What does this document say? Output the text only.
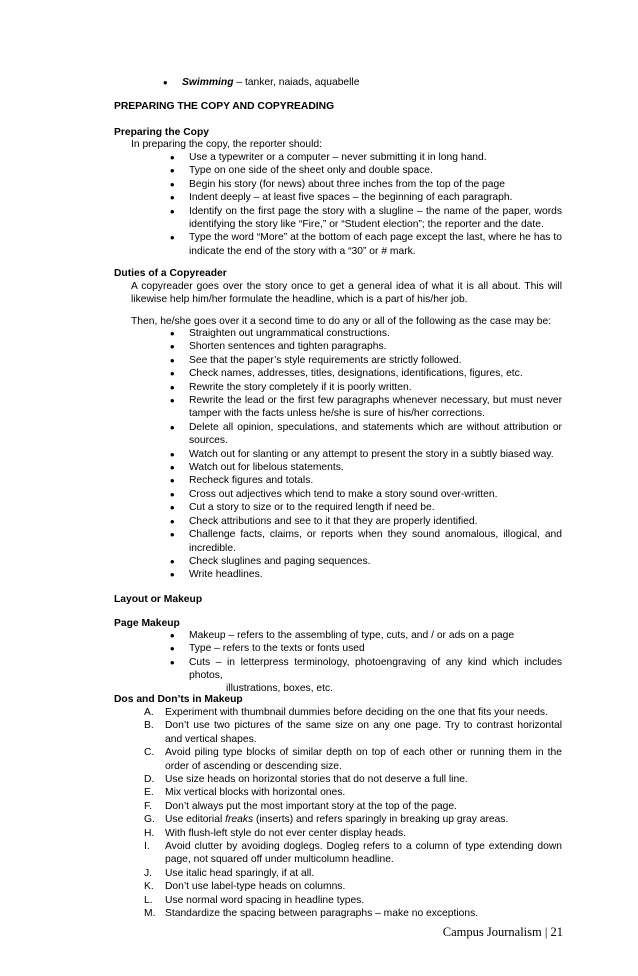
• Swimming – tanker, naiads, aquabelle
PREPARING THE COPY AND COPYREADING
Preparing the Copy
In preparing the copy, the reporter should:
• Use a typewriter or a computer – never submitting it in long hand.
• Type on one side of the sheet only and double space.
• Begin his story (for news) about three inches from the top of the page
• Indent deeply – at least five spaces – the beginning of each paragraph.
• Identify on the first page the story with a slugline – the name of the paper, words identifying the story like “Fire,” or “Student election”; the reporter and the date.
• Type the word “More” at the bottom of each page except the last, where he has to indicate the end of the story with a “30” or # mark.
Duties of a Copyreader
A copyreader goes over the story once to get a general idea of what it is all about. This will likewise help him/her formulate the headline, which is a part of his/her job.
Then, he/she goes over it a second time to do any or all of the following as the case may be:
• Straighten out ungrammatical constructions.
• Shorten sentences and tighten paragraphs.
• See that the paper’s style requirements are strictly followed.
• Check names, addresses, titles, designations, identifications, figures, etc.
• Rewrite the story completely if it is poorly written.
• Rewrite the lead or the first few paragraphs whenever necessary, but must never tamper with the facts unless he/she is sure of his/her corrections.
• Delete all opinion, speculations, and statements which are without attribution or sources.
• Watch out for slanting or any attempt to present the story in a subtly biased way.
• Watch out for libelous statements.
• Recheck figures and totals.
• Cross out adjectives which tend to make a story sound over-written.
• Cut a story to size or to the required length if need be.
• Check attributions and see to it that they are properly identified.
• Challenge facts, claims, or reports when they sound anomalous, illogical, and incredible.
• Check sluglines and paging sequences.
• Write headlines.
Layout or Makeup
Page Makeup
• Makeup – refers to the assembling of type, cuts, and / or ads on a page
• Type – refers to the texts or fonts used
• Cuts – in letterpress terminology, photoengraving of any kind which includes photos,
illustrations, boxes, etc.
Dos and Don’ts in Makeup
A. Experiment with thumbnail dummies before deciding on the one that fits your needs.
B. Don’t use two pictures of the same size on any one page. Try to contrast horizontal and vertical shapes.
C. Avoid piling type blocks of similar depth on top of each other or running them in the order of ascending or descending size.
D. Use size heads on horizontal stories that do not deserve a full line.
E. Mix vertical blocks with horizontal ones.
F. Don’t always put the most important story at the top of the page.
G. Use editorial freaks (inserts) and refers sparingly in breaking up gray areas.
H. With flush-left style do not ever center display heads.
I. Avoid clutter by avoiding doglegs. Dogleg refers to a column of type extending down page, not squared off under multicolumn headline.
J. Use italic head sparingly, if at all.
K. Don’t use label-type heads on columns.
L. Use normal word spacing in headline types.
M. Standardize the spacing between paragraphs – make no exceptions.
Campus Journalism | 21
